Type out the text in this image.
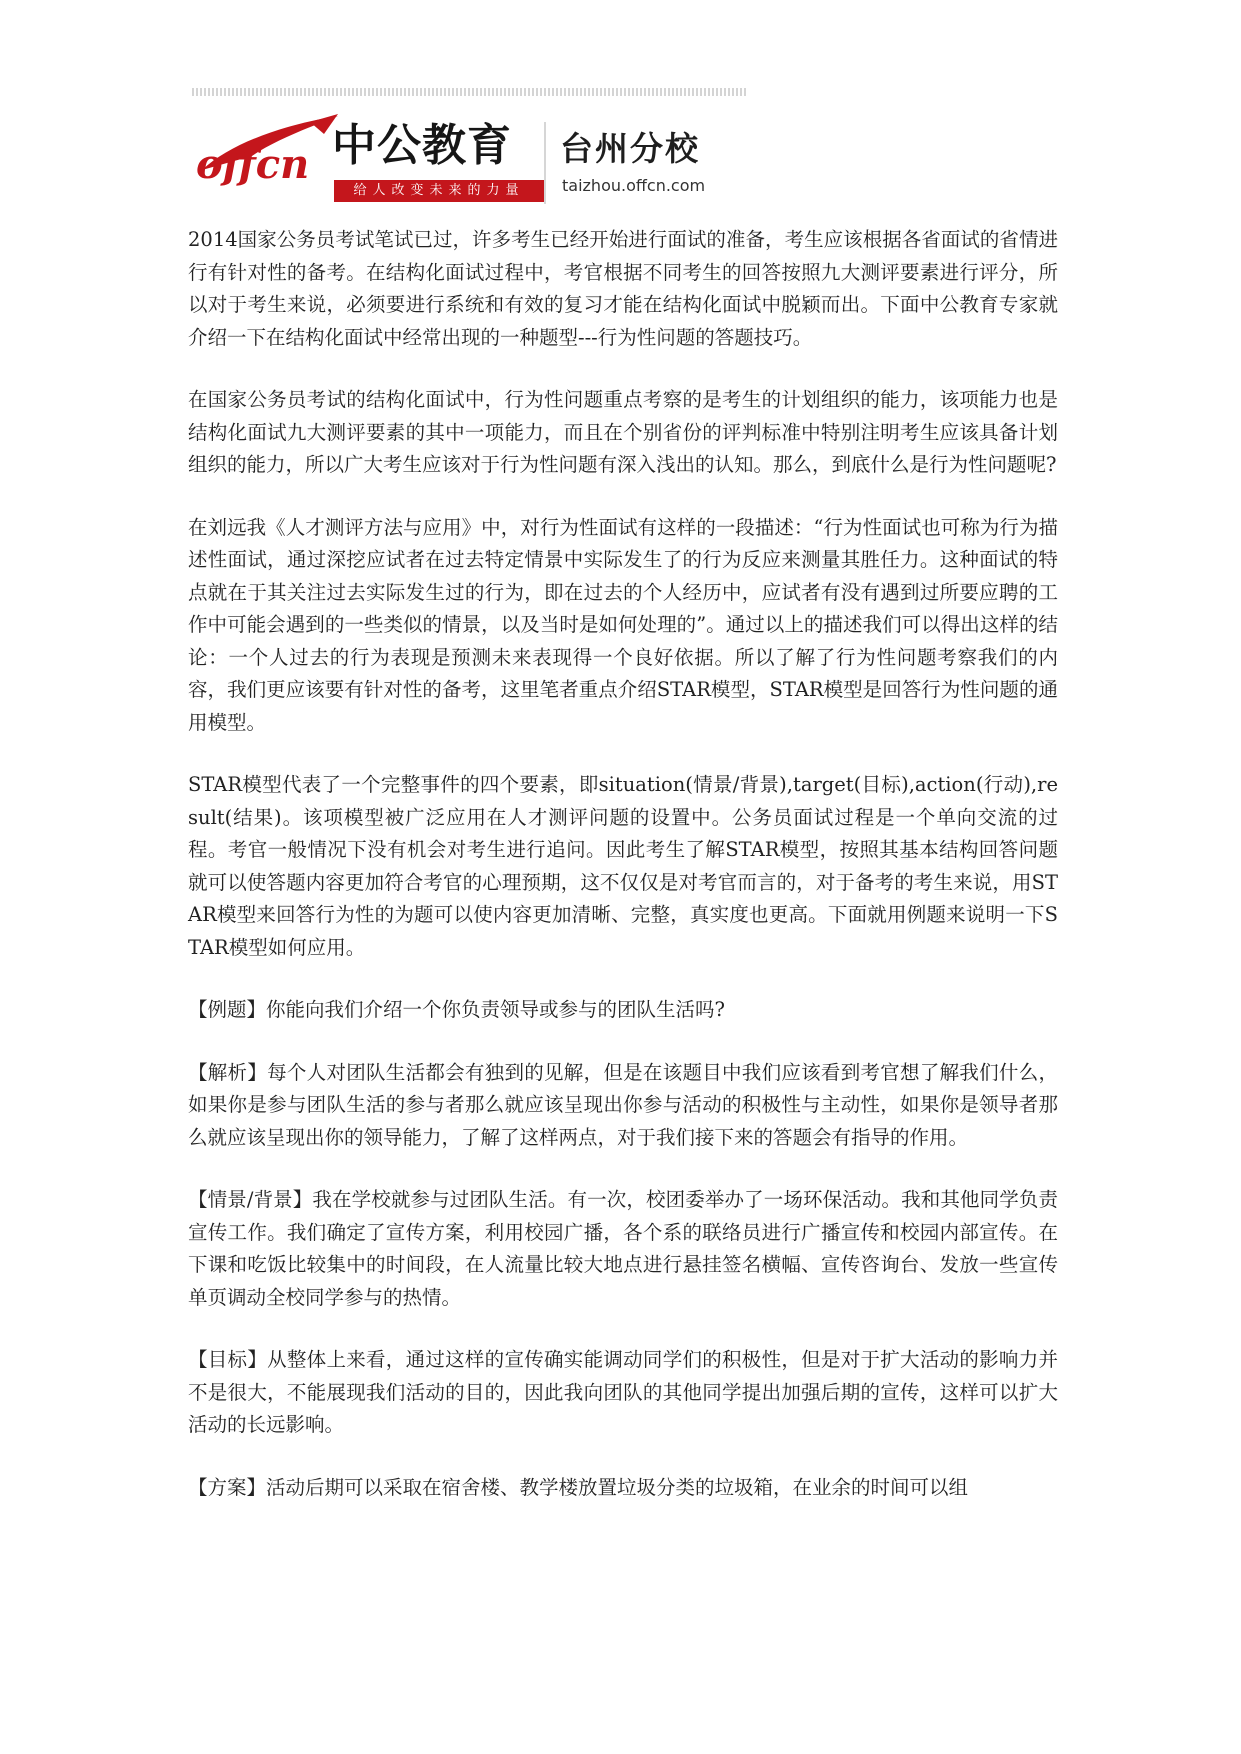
offcn 中公教育
给人改变未来的力量
台州分校
taizhou.offcn.com

2014国家公务员考试笔试已过，许多考生已经开始进行面试的准备，考生应该根据各省面试的省情进行有针对性的备考。在结构化面试过程中，考官根据不同考生的回答按照九大测评要素进行评分，所以对于考生来说，必须要进行系统和有效的复习才能在结构化面试中脱颖而出。下面中公教育专家就介绍一下在结构化面试中经常出现的一种题型---行为性问题的答题技巧。

在国家公务员考试的结构化面试中，行为性问题重点考察的是考生的计划组织的能力，该项能力也是结构化面试九大测评要素的其中一项能力，而且在个别省份的评判标准中特别注明考生应该具备计划组织的能力，所以广大考生应该对于行为性问题有深入浅出的认知。那么，到底什么是行为性问题呢?

在刘远我《人才测评方法与应用》中，对行为性面试有这样的一段描述：“行为性面试也可称为行为描述性面试，通过深挖应试者在过去特定情景中实际发生了的行为反应来测量其胜任力。这种面试的特点就在于其关注过去实际发生过的行为，即在过去的个人经历中，应试者有没有遇到过所要应聘的工作中可能会遇到的一些类似的情景，以及当时是如何处理的”。通过以上的描述我们可以得出这样的结论：一个人过去的行为表现是预测未来表现得一个良好依据。所以了解了行为性问题考察我们的内容，我们更应该要有针对性的备考，这里笔者重点介绍STAR模型，STAR模型是回答行为性问题的通用模型。

STAR模型代表了一个完整事件的四个要素，即situation(情景/背景),target(目标),action(行动),result(结果)。该项模型被广泛应用在人才测评问题的设置中。公务员面试过程是一个单向交流的过程。考官一般情况下没有机会对考生进行追问。因此考生了解STAR模型，按照其基本结构回答问题就可以使答题内容更加符合考官的心理预期，这不仅仅是对考官而言的，对于备考的考生来说，用STAR模型来回答行为性的为题可以使内容更加清晰、完整，真实度也更高。下面就用例题来说明一下STAR模型如何应用。

【例题】你能向我们介绍一个你负责领导或参与的团队生活吗?

【解析】每个人对团队生活都会有独到的见解，但是在该题目中我们应该看到考官想了解我们什么，如果你是参与团队生活的参与者那么就应该呈现出你参与活动的积极性与主动性，如果你是领导者那么就应该呈现出你的领导能力，了解了这样两点，对于我们接下来的答题会有指导的作用。

【情景/背景】我在学校就参与过团队生活。有一次，校团委举办了一场环保活动。我和其他同学负责宣传工作。我们确定了宣传方案，利用校园广播，各个系的联络员进行广播宣传和校园内部宣传。在下课和吃饭比较集中的时间段，在人流量比较大地点进行悬挂签名横幅、宣传咨询台、发放一些宣传单页调动全校同学参与的热情。

【目标】从整体上来看，通过这样的宣传确实能调动同学们的积极性，但是对于扩大活动的影响力并不是很大，不能展现我们活动的目的，因此我向团队的其他同学提出加强后期的宣传，这样可以扩大活动的长远影响。

【方案】活动后期可以采取在宿舍楼、教学楼放置垃圾分类的垃圾箱，在业余的时间可以组
